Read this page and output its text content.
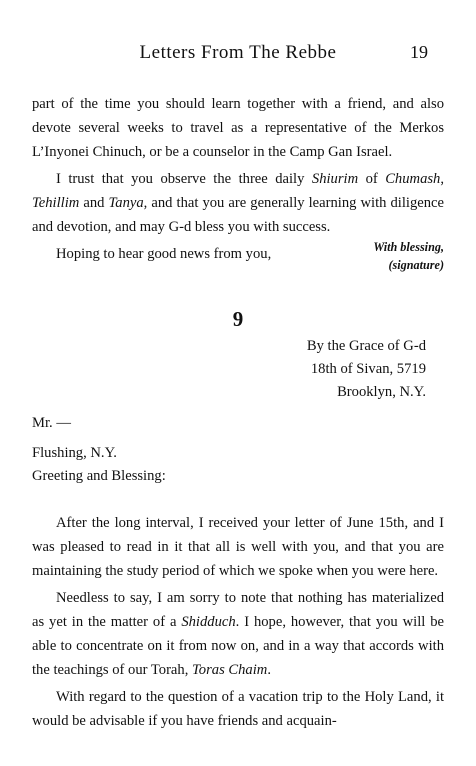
Letters From The Rebbe	19

part of the time you should learn together with a friend, and also devote several weeks to travel as a representative of the Merkos L’Inyonei Chinuch, or be a counselor in the Camp Gan Israel.

I trust that you observe the three daily Shiurim of Chumash, Tehillim and Tanya, and that you are generally learning with diligence and devotion, and may G-d bless you with success.

Hoping to hear good news from you,	With blessing,
(signature)
9
By the Grace of G-d
18th of Sivan, 5719
Brooklyn, N.Y.
Mr. —
Flushing, N.Y.
Greeting and Blessing:

After the long interval, I received your letter of June 15th, and I was pleased to read in it that all is well with you, and that you are maintaining the study period of which we spoke when you were here.

Needless to say, I am sorry to note that nothing has materialized as yet in the matter of a Shidduch. I hope, however, that you will be able to concentrate on it from now on, and in a way that accords with the teachings of our Torah, Toras Chaim.

With regard to the question of a vacation trip to the Holy Land, it would be advisable if you have friends and acquain-
